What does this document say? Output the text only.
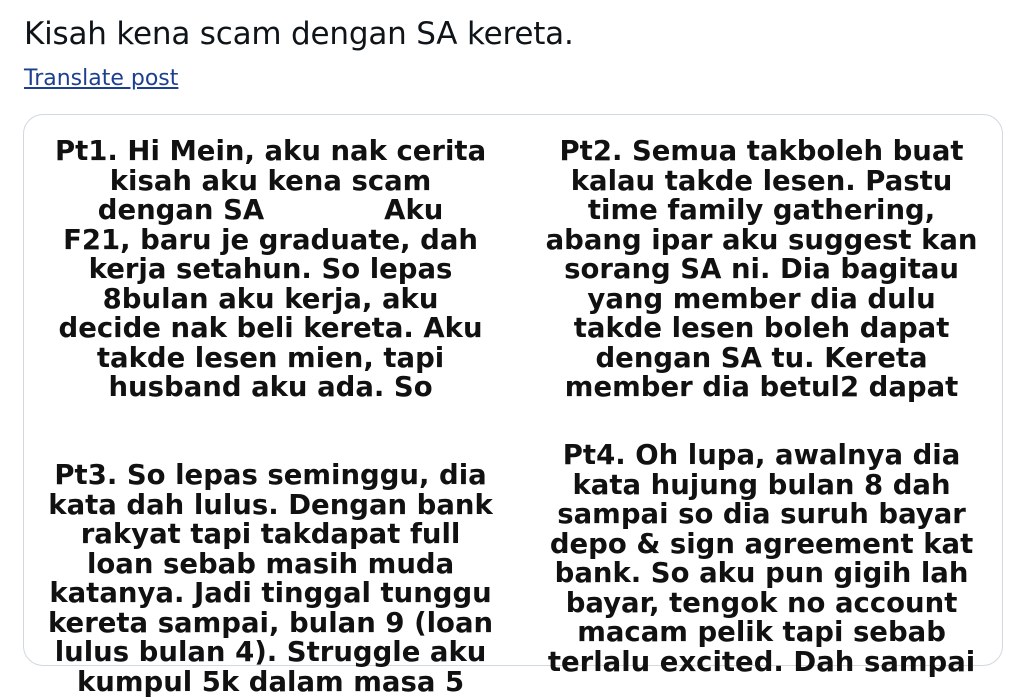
Kisah kena scam dengan SA kereta.

Translate post
Pt1. Hi Mein, aku nak cerita
kisah aku kena scam
dengan SA	Aku
F21, baru je graduate, dah
kerja setahun. So lepas
8bulan aku kerja, aku
decide nak beli kereta. Aku
takde lesen mien, tapi
husband aku ada. So
Pt2. Semua takboleh buat
kalau takde lesen. Pastu
time family gathering,
abang ipar aku suggest kan
sorang SA ni. Dia bagitau
yang member dia dulu
takde lesen boleh dapat
dengan SA tu. Kereta
member dia betul2 dapat
Pt3. So lepas seminggu, dia
kata dah lulus. Dengan bank
rakyat tapi takdapat full
loan sebab masih muda
katanya. Jadi tinggal tunggu
kereta sampai, bulan 9 (loan
lulus bulan 4). Struggle aku
kumpul 5k dalam masa 5
Pt4. Oh lupa, awalnya dia
kata hujung bulan 8 dah
sampai so dia suruh bayar
depo & sign agreement kat
bank. So aku pun gigih lah
bayar, tengok no account
macam pelik tapi sebab
terlalu excited. Dah sampai
